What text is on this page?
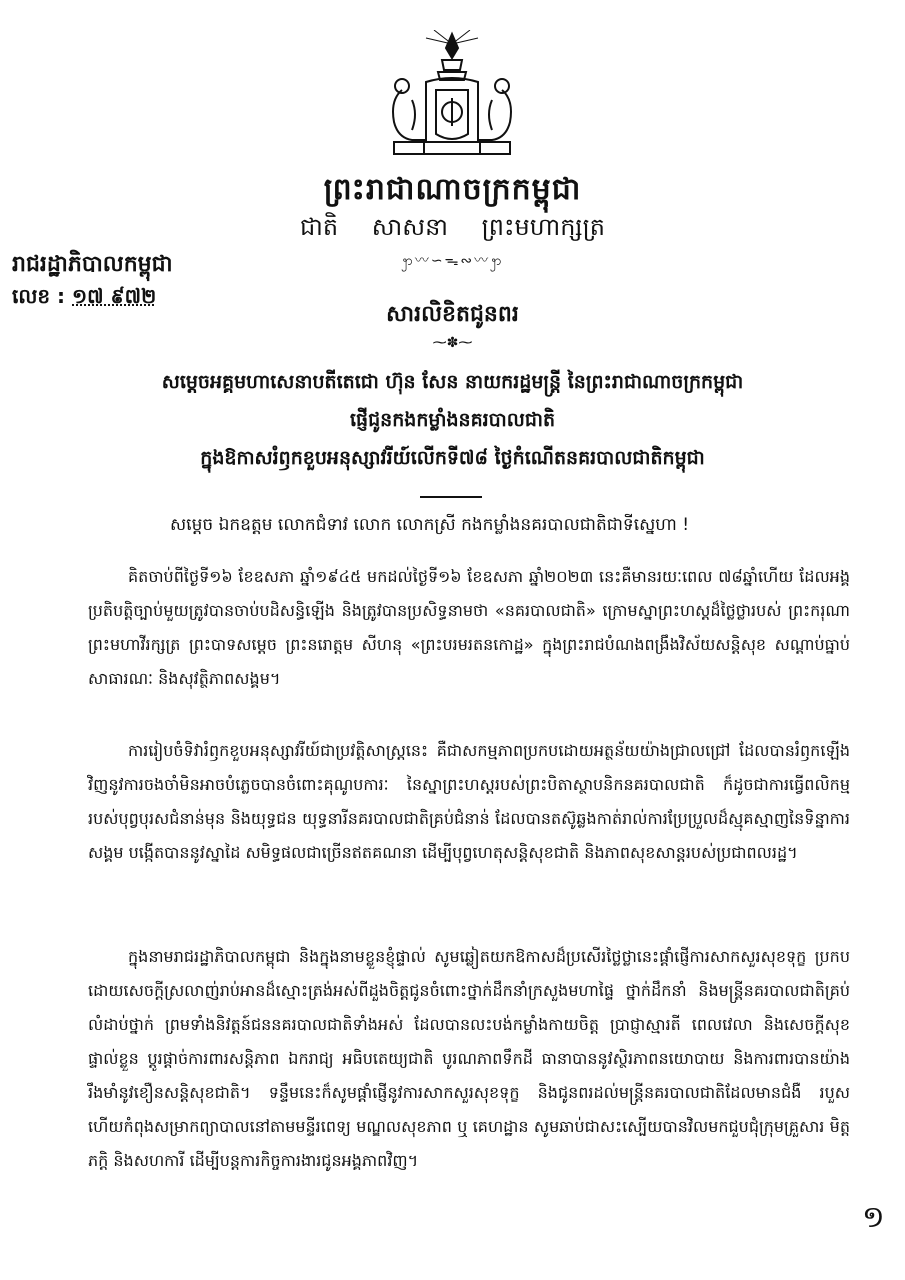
ព្រះរាជាណាចក្រកម្ពុជា
ជាតិ សាសនា ព្រះមហាក្សត្រ
ꩭ〰︎∽ᯓ∾〰︎ꩭ
រាជរដ្ឋាភិបាលកម្ពុជា
លេខ : ១៧ ៩៧២
សារលិខិតជូនពរ
⁓✽⁓
សម្ដេចអគ្គមហាសេនាបតីតេជោ ហ៊ុន សែន នាយករដ្ឋមន្ត្រី នៃព្រះរាជាណាចក្រកម្ពុជា
ផ្ញើជូនកងកម្លាំងនគរបាលជាតិ
ក្នុងឱកាសរំឭកខួបអនុស្សាវរីយ៍លើកទី៧៨ ថ្ងៃកំណើតនគរបាលជាតិកម្ពុជា
សម្ដេច ឯកឧត្ដម លោកជំទាវ លោក លោកស្រី កងកម្លាំងនគរបាលជាតិជាទីស្នេហា !
គិតចាប់ពីថ្ងៃទី១៦ ខែឧសភា ឆ្នាំ១៩៤៥ មកដល់ថ្ងៃទី១៦ ខែឧសភា ឆ្នាំ២០២៣ នេះគឺមានរយៈពេល ៧៨ឆ្នាំហើយ ដែលអង្គប្រតិបត្តិច្បាប់មួយត្រូវបានចាប់បដិសន្ធិឡើង និងត្រូវបានប្រសិទ្ធនាមថា «នគរបាលជាតិ» ក្រោមស្នាព្រះហស្ដដ៏ថ្លៃថ្លារបស់ ព្រះករុណា ព្រះមហាវីរក្សត្រ ព្រះបាទសម្ដេច ព្រះនរោត្ដម សីហនុ «ព្រះបរមរតនកោដ្ឋ» ក្នុងព្រះរាជបំណងពង្រឹងវិស័យសន្ដិសុខ សណ្ដាប់ធ្នាប់សាធារណៈ និងសុវត្ថិភាពសង្គម។
ការរៀបចំទិវារំឭកខួបអនុស្សាវរីយ៍ជាប្រវត្តិសាស្ត្រនេះ គឺជាសកម្មភាពប្រកបដោយអត្ថន័យយ៉ាងជ្រាលជ្រៅ ដែលបានរំឭកឡើងវិញនូវការចងចាំមិនអាចបំភ្លេចបានចំពោះគុណូបការៈ នៃស្នាព្រះហស្ដរបស់ព្រះបិតាស្ថាបនិកនគរបាលជាតិ ក៏ដូចជាការធ្វើពលិកម្មរបស់បុព្វបុរសជំនាន់មុន និងយុទ្ធជន យុទ្ធនារីនគរបាលជាតិគ្រប់ជំនាន់ ដែលបានតស៊ូឆ្លងកាត់រាល់ការប្រែប្រួលដ៏ស្មុគស្មាញនៃទិន្នាការសង្គម បង្កើតបាននូវស្នាដៃ សមិទ្ធផលជាច្រើនឥតគណនា ដើម្បីបុព្វហេតុសន្ដិសុខជាតិ និងភាពសុខសាន្ដរបស់ប្រជាពលរដ្ឋ។
ក្នុងនាមរាជរដ្ឋាភិបាលកម្ពុជា និងក្នុងនាមខ្លួនខ្ញុំផ្ទាល់ សូមឆ្លៀតយកឱកាសដ៏ប្រសើរថ្លៃថ្លានេះផ្ដាំផ្ញើការសាកសួរសុខទុក្ខ ប្រកបដោយសេចក្ដីស្រលាញ់រាប់អានដ៏ស្មោះត្រង់អស់ពីដួងចិត្តជូនចំពោះថ្នាក់ដឹកនាំក្រសួងមហាផ្ទៃ ថ្នាក់ដឹកនាំ និងមន្ត្រីនគរបាលជាតិគ្រប់លំដាប់ថ្នាក់ ព្រមទាំងនិវត្តន៍ជននគរបាលជាតិទាំងអស់ ដែលបានលះបង់កម្លាំងកាយចិត្ត ប្រាជ្ញាស្មារតី ពេលវេលា និងសេចក្ដីសុខផ្ទាល់ខ្លួន ប្ដូរផ្ដាច់ការពារសន្ដិភាព ឯករាជ្យ អធិបតេយ្យជាតិ បូរណភាពទឹកដី ធានាបាននូវស្ថិរភាពនយោបាយ និងការពារបានយ៉ាងរឹងមាំនូវខឿនសន្ដិសុខជាតិ។ ទន្ទឹមនេះក៏សូមផ្ដាំផ្ញើនូវការសាកសួរសុខទុក្ខ និងជូនពរដល់មន្ត្រីនគរបាលជាតិដែលមានជំងឺ របួស ហើយកំពុងសម្រាកព្យាបាលនៅតាមមន្ទីរពេទ្យ មណ្ឌលសុខភាព ឬ គេហដ្ឋាន សូមឆាប់ជាសះស្បើយបានវិលមកជួបជុំក្រុមគ្រួសារ មិត្តភក្តិ និងសហការី ដើម្បីបន្តការកិច្ចការងារជូនអង្គភាពវិញ។
១
